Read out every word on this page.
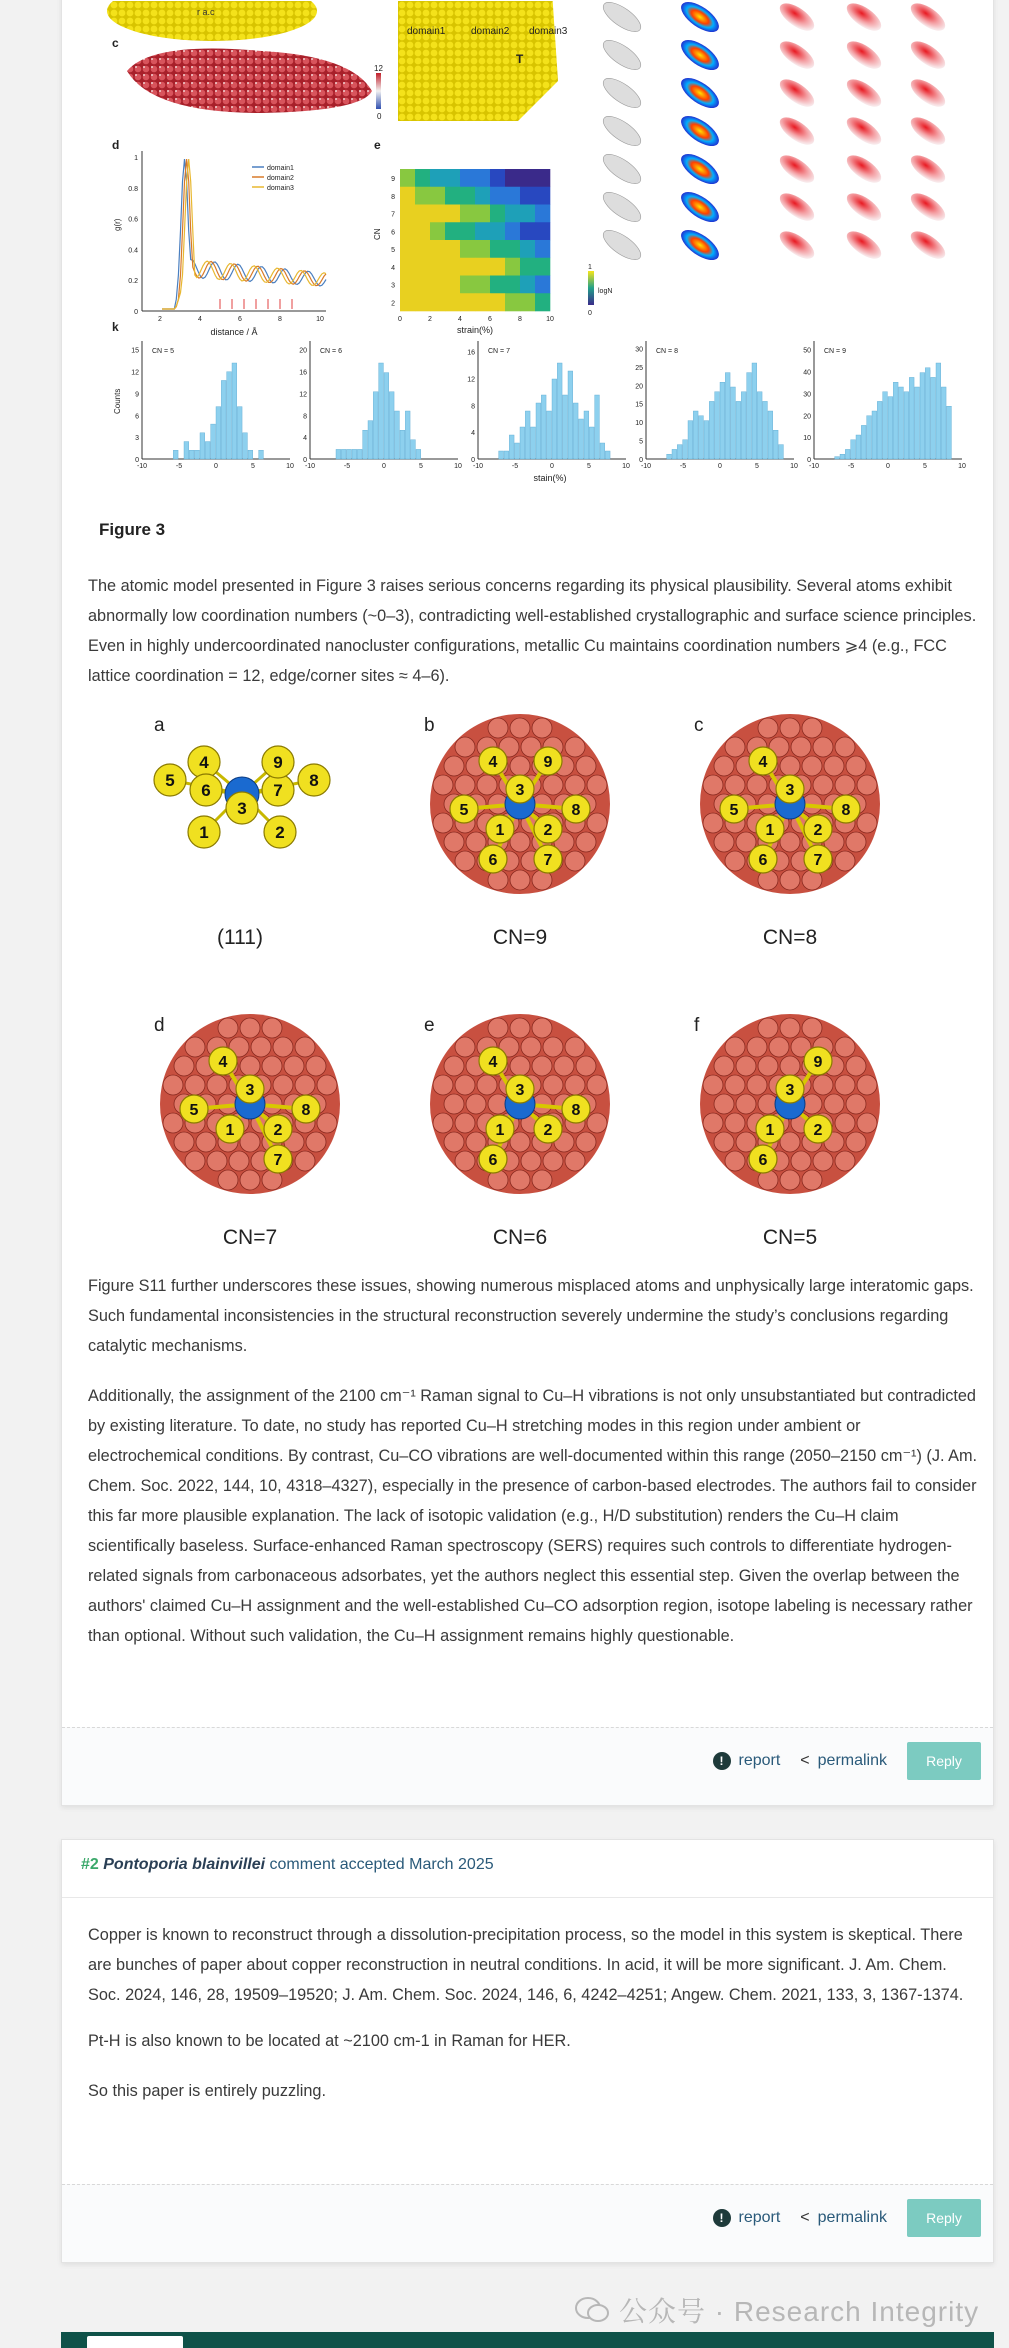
r a.c
c
12
0
domain1	domain2 domain3
T
d
0
0.2
0.4
0.6
0.8
1
2	4	6	8	10
g(r)
distance / Å
domain1
domain2
domain3
e
9
8
7
6
5
4
3
2
0	2	4	6	8	10
CN
strain(%)
1
logN
0
k
CN = 5
0
3
6
9
12
15
-10	-5	0	5	10
CN = 6
0
4
8
12
16
20
-10	-5	0	5	10
CN = 7
0
4
8
12
16
-10	-5	0	5	10
CN = 8
0
5
10
15
20
25
30
-10	-5	0	5	10
CN = 9
0
10
20
30
40
50
-10	-5	0	5	10
Counts
stain(%)
Figure 3
The atomic model presented in Figure 3 raises serious concerns regarding its physical plausibility. Several atoms exhibit abnormally low coordination numbers (~0–3), contradicting well-established crystallographic and surface science principles. Even in highly undercoordinated nanocluster configurations, metallic Cu maintains coordination numbers ⩾4 (e.g., FCC lattice coordination = 12, edge/corner sites ≈ 4–6).
a
(111)
1	2
3
4
5
6	7
8
9
b
CN=9
1 2
3
4
5
6	7
8
9
c
CN=8
1 2
3
4
5
6	7
8
d
CN=7
1 2
3
4
5
7
8
e
CN=6
1 2
3
4
6
8
f
CN=5
1 2
3
6
9
Figure S11 further underscores these issues, showing numerous misplaced atoms and unphysically large interatomic gaps. Such fundamental inconsistencies in the structural reconstruction severely undermine the study’s conclusions regarding catalytic mechanisms.
Additionally, the assignment of the 2100 cm⁻¹ Raman signal to Cu–H vibrations is not only unsubstantiated but contradicted by existing literature. To date, no study has reported Cu–H stretching modes in this region under ambient or electrochemical conditions. By contrast, Cu–CO vibrations are well-documented within this range (2050–2150 cm⁻¹) (J. Am. Chem. Soc. 2022, 144, 10, 4318–4327), especially in the presence of carbon-based electrodes. The authors fail to consider this far more plausible explanation. The lack of isotopic validation (e.g., H/D substitution) renders the Cu–H claim scientifically baseless. Surface-enhanced Raman spectroscopy (SERS) requires such controls to differentiate hydrogen-related signals from carbonaceous adsorbates, yet the authors neglect this essential step. Given the overlap between the authors' claimed Cu–H assignment and the well-established Cu–CO adsorption region, isotope labeling is necessary rather than optional. Without such validation, the Cu–H assignment remains highly questionable.
! report < permalink	Reply
#2 Pontoporia blainvillei comment accepted March 2025
Copper is known to reconstruct through a dissolution-precipitation process, so the model in this system is skeptical. There are bunches of paper about copper reconstruction in neutral conditions. In acid, it will be more significant. J. Am. Chem. Soc. 2024, 146, 28, 19509–19520; J. Am. Chem. Soc. 2024, 146, 6, 4242–4251; Angew. Chem. 2021, 133, 3, 1367-1374.
Pt-H is also known to be located at ~2100 cm-1 in Raman for HER.
So this paper is entirely puzzling.
! report < permalink	Reply
公众号 · Research Integrity
